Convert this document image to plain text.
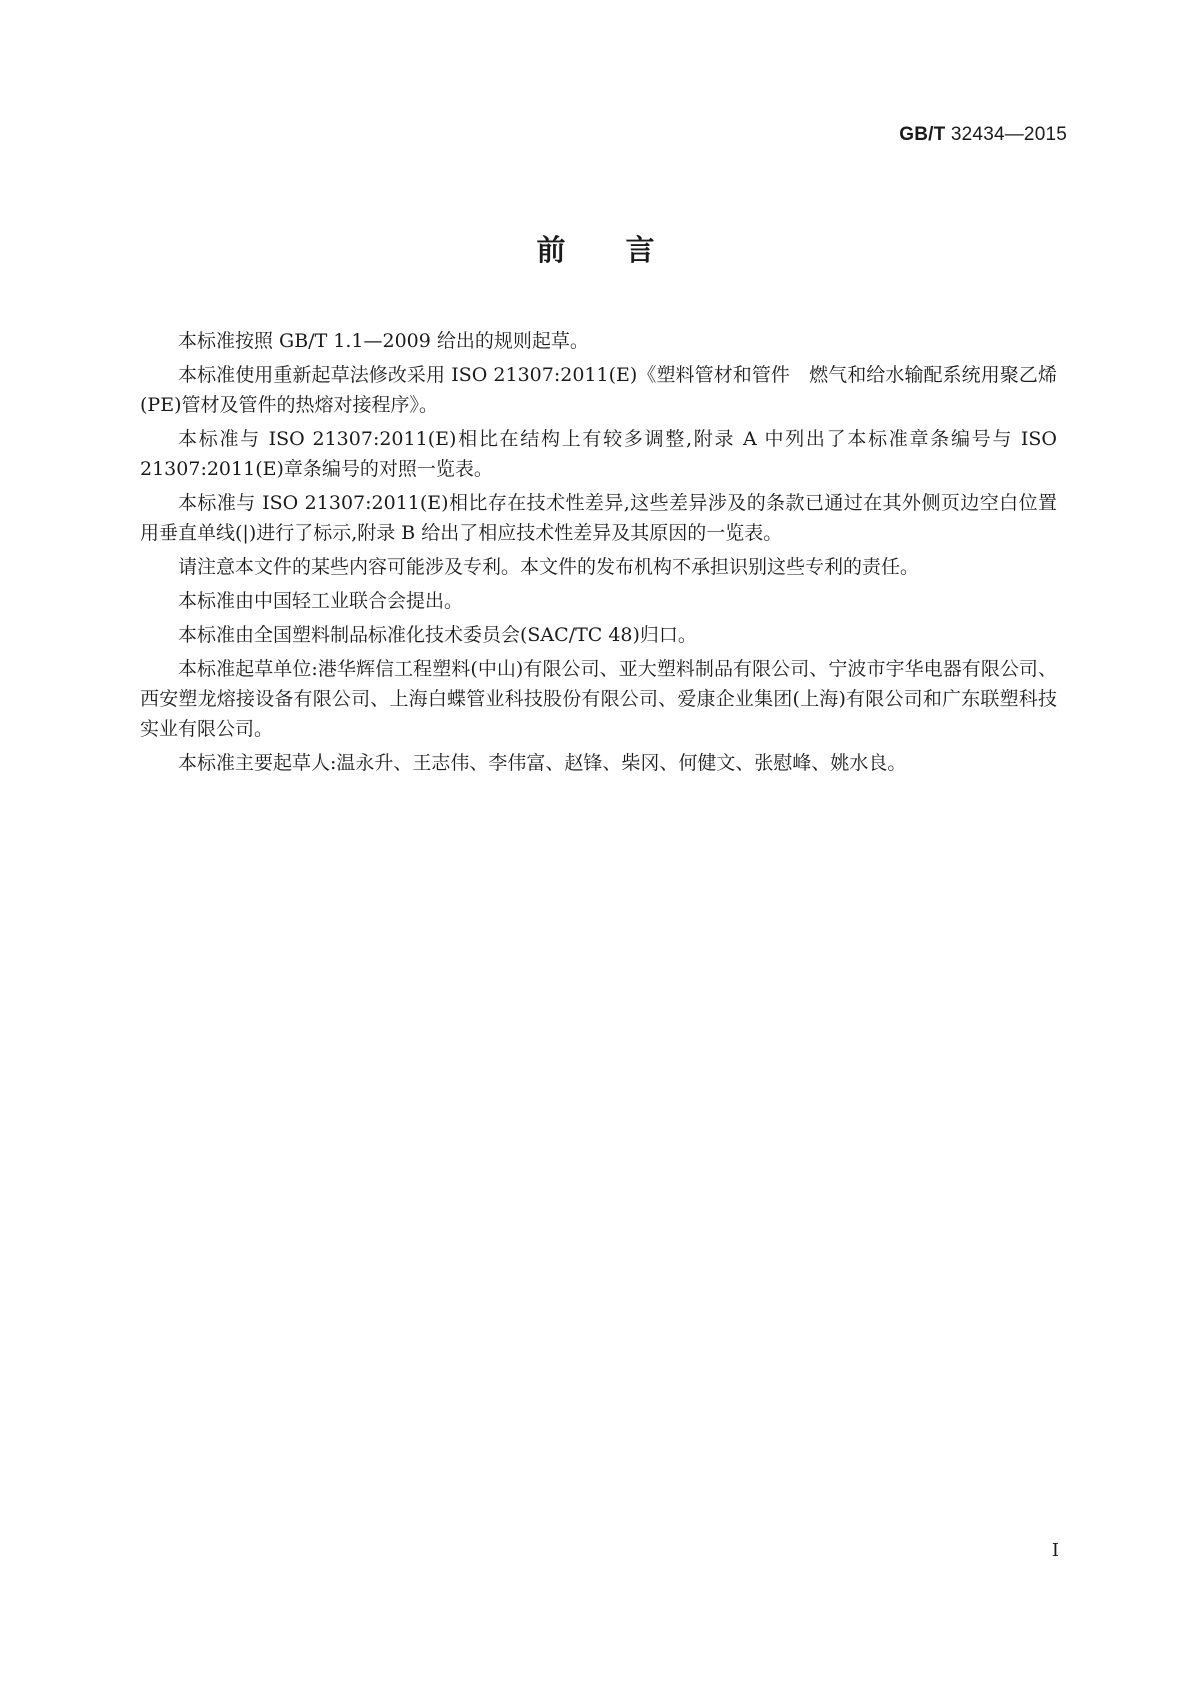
GB/T 32434—2015
前言

本标准按照 GB/T 1.1—2009 给出的规则起草。

本标准使用重新起草法修改采用 ISO 21307:2011(E)《塑料管材和管件　燃气和给水输配系统用聚乙烯(PE)管材及管件的热熔对接程序》。

本标准与 ISO 21307:2011(E)相比在结构上有较多调整,附录 A 中列出了本标准章条编号与 ISO 21307:2011(E)章条编号的对照一览表。

本标准与 ISO 21307:2011(E)相比存在技术性差异,这些差异涉及的条款已通过在其外侧页边空白位置用垂直单线(|)进行了标示,附录 B 给出了相应技术性差异及其原因的一览表。

请注意本文件的某些内容可能涉及专利。本文件的发布机构不承担识别这些专利的责任。

本标准由中国轻工业联合会提出。

本标准由全国塑料制品标准化技术委员会(SAC/TC 48)归口。

本标准起草单位:港华辉信工程塑料(中山)有限公司、亚大塑料制品有限公司、宁波市宇华电器有限公司、西安塑龙熔接设备有限公司、上海白蝶管业科技股份有限公司、爱康企业集团(上海)有限公司和广东联塑科技实业有限公司。

本标准主要起草人:温永升、王志伟、李伟富、赵锋、柴冈、何健文、张慰峰、姚水良。

I
